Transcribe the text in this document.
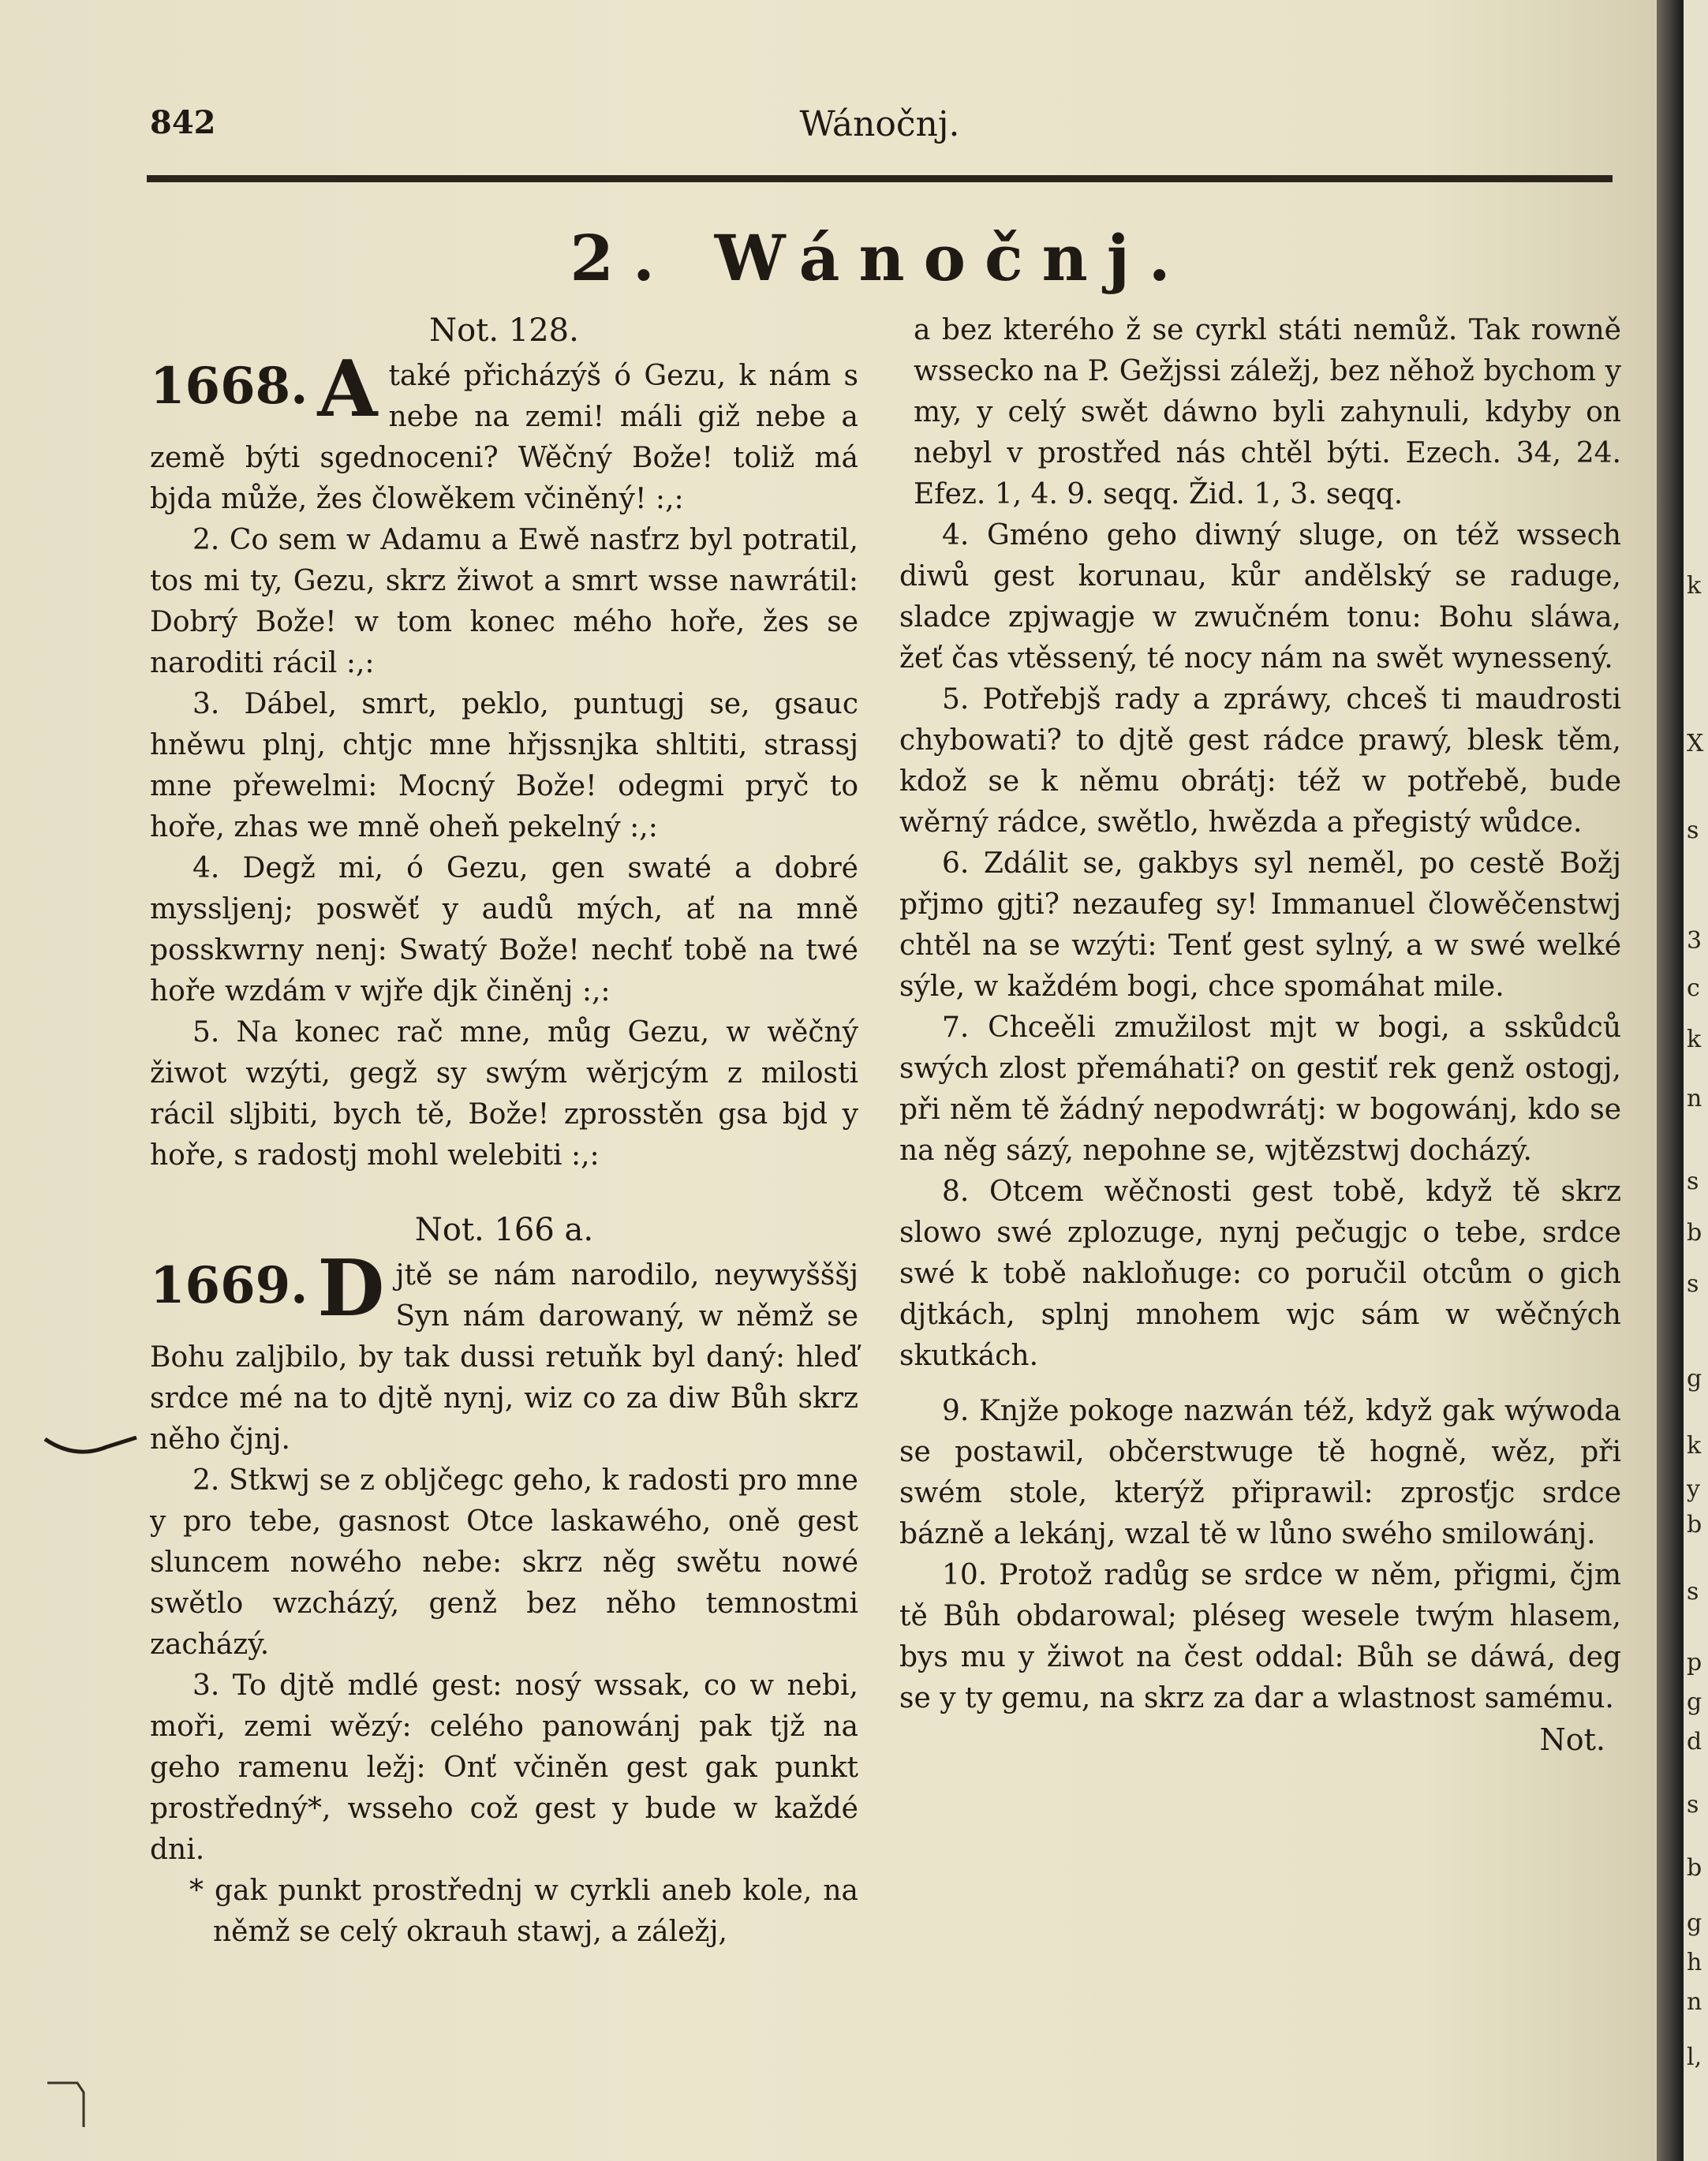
842	Wánočnj.
2. Wánočnj.
Not. 128.
1668. A také přicházýš ó Gezu, k nám s nebe na zemi! máli giž nebe a země býti sgednoceni? Wěčný Bože! toliž má bjda může, žes člowěkem včiněný! :,:

2. Co sem w Adamu a Ewě nasťrz byl potratil, tos mi ty, Gezu, skrz žiwot a smrt wsse nawrátil: Dobrý Bože! w tom konec mého hoře, žes se naroditi rácil :,:

3. Dábel, smrt, peklo, puntugj se, gsauc hněwu plnj, chtjc mne hřjssnjka shltiti, strassj mne přewelmi: Mocný Bože! odegmi pryč to hoře, zhas we mně oheň pekelný :,:

4. Degž mi, ó Gezu, gen swaté a dobré myssljenj; poswěť y audů mých, ať na mně posskwrny nenj: Swatý Bože! nechť tobě na twé hoře wzdám v wjře djk činěnj :,:

5. Na konec rač mne, můg Gezu, w wěčný žiwot wzýti, gegž sy swým wěrjcým z milosti rácil sljbiti, bych tě, Bože! zprosstěn gsa bjd y hoře, s radostj mohl welebiti :,:

Not. 166 a.
1669. D jtě se nám narodilo, neywyšššj Syn nám darowaný, w němž se Bohu zaljbilo, by tak dussi retuňk byl daný: hleď srdce mé na to djtě nynj, wiz co za diw Bůh skrz něho čjnj.

2. Stkwj se z obljčegc geho, k radosti pro mne y pro tebe, gasnost Otce laskawého, oně gest sluncem nowého nebe: skrz něg swětu nowé swětlo wzcházý, genž bez něho temnostmi zacházý.

3. To djtě mdlé gest: nosý wssak, co w nebi, moři, zemi wězý: celého panowánj pak tjž na geho ramenu ležj: Onť včiněn gest gak punkt prostředný*, wsseho což gest y bude w každé dni.

* gak punkt prostřednj w cyrkli aneb kole, na němž se celý okrauh stawj, a záležj,

a bez kterého ž se cyrkl státi nemůž. Tak rowně wssecko na P. Gežjssi záležj, bez něhož bychom y my, y celý swět dáwno byli zahynuli, kdyby on nebyl v prostřed nás chtěl býti. Ezech. 34, 24. Efez. 1, 4. 9. seqq. Žid. 1, 3. seqq.

4. Gméno geho diwný sluge, on též wssech diwů gest korunau, kůr andělský se raduge, sladce zpjwagje w zwučném tonu: Bohu sláwa, žeť čas vtěssený, té nocy nám na swět wynessený.

5. Potřebjš rady a zpráwy, chceš ti maudrosti chybowati? to djtě gest rádce prawý, blesk těm, kdož se k němu obrátj: též w potřebě, bude wěrný rádce, swětlo, hwězda a přegistý wůdce.

6. Zdálit se, gakbys syl neměl, po cestě Božj přjmo gjti? nezaufeg sy! Immanuel člowěčenstwj chtěl na se wzýti: Tenť gest sylný, a w swé welké sýle, w každém bogi, chce spomáhat mile.

7. Chceěli zmužilost mjt w bogi, a sskůdců swých zlost přemáhati? on gestiť rek genž ostogj, při něm tě žádný nepodwrátj: w bogowánj, kdo se na něg sázý, nepohne se, wjtězstwj docházý.

8. Otcem wěčnosti gest tobě, když tě skrz slowo swé zplozuge, nynj pečugjc o tebe, srdce swé k tobě nakloňuge: co poručil otcům o gich djtkách, splnj mnohem wjc sám w wěčných skutkách.

9. Knjže pokoge nazwán též, když gak wýwoda se postawil, občerstwuge tě hogně, wěz, při swém stole, kterýž připrawil: zprosťjc srdce bázně a lekánj, wzal tě w lůno swého smilowánj.

10. Protož radůg se srdce w něm, přigmi, čjm tě Bůh obdarowal; pléseg wesele twým hlasem, bys mu y žiwot na čest oddal: Bůh se dáwá, deg se y ty gemu, na skrz za dar a wlastnost samému.

Not.
k
X
s
3
c
k
n
s
b
s
g
k
y
b
s
p
g
d
s
b
g
h
n
l,
